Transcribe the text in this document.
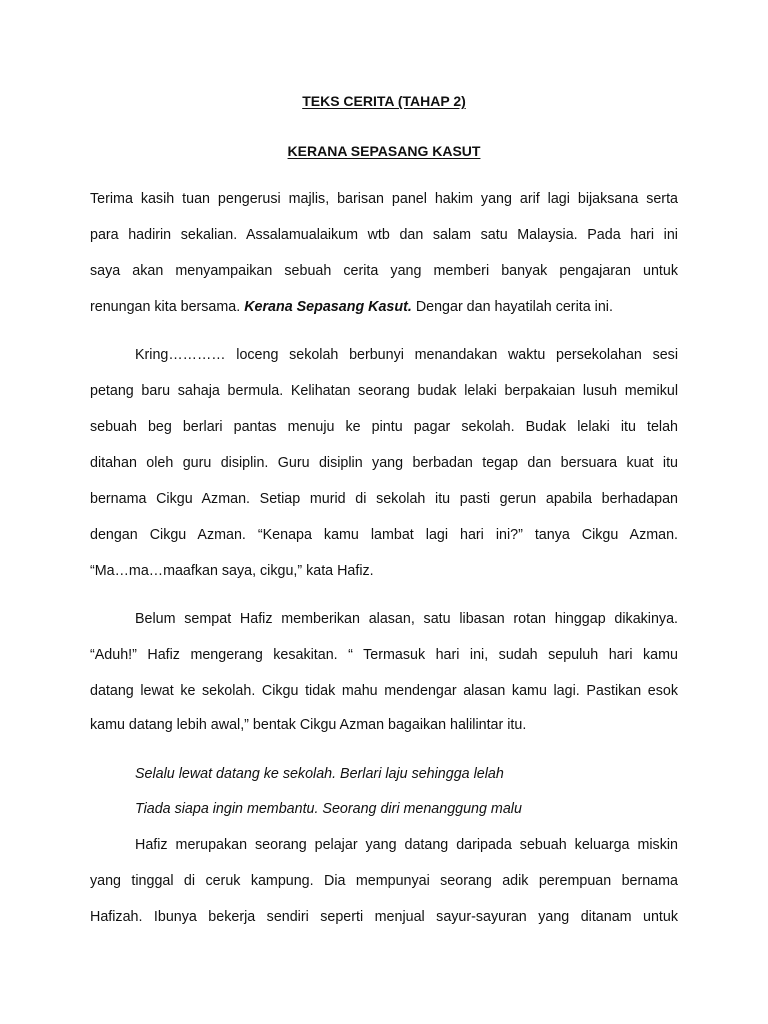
TEKS CERITA (TAHAP 2)
KERANA SEPASANG KASUT
Terima kasih tuan pengerusi majlis, barisan panel hakim yang arif lagi bijaksana serta
para hadirin sekalian. Assalamualaikum wtb dan salam satu Malaysia. Pada hari ini
saya akan menyampaikan sebuah cerita yang memberi banyak pengajaran untuk
renungan kita bersama. Kerana Sepasang Kasut. Dengar dan hayatilah cerita ini.
Kring………… loceng sekolah berbunyi menandakan waktu persekolahan sesi
petang baru sahaja bermula. Kelihatan seorang budak lelaki berpakaian lusuh memikul
sebuah beg berlari pantas menuju ke pintu pagar sekolah. Budak lelaki itu telah
ditahan oleh guru disiplin. Guru disiplin yang berbadan tegap dan bersuara kuat itu
bernama Cikgu Azman. Setiap murid di sekolah itu pasti gerun apabila berhadapan
dengan Cikgu Azman. “Kenapa kamu lambat lagi hari ini?” tanya Cikgu Azman.
“Ma…ma…maafkan saya, cikgu,” kata Hafiz.
Belum sempat Hafiz memberikan alasan, satu libasan rotan hinggap dikakinya.
“Aduh!” Hafiz mengerang kesakitan. “ Termasuk hari ini, sudah sepuluh hari kamu
datang lewat ke sekolah. Cikgu tidak mahu mendengar alasan kamu lagi. Pastikan esok
kamu datang lebih awal,” bentak Cikgu Azman bagaikan halilintar itu.
Selalu lewat datang ke sekolah. Berlari laju sehingga lelah
Tiada siapa ingin membantu. Seorang diri menanggung malu
Hafiz merupakan seorang pelajar yang datang daripada sebuah keluarga miskin
yang tinggal di ceruk kampung. Dia mempunyai seorang adik perempuan bernama
Hafizah. Ibunya bekerja sendiri seperti menjual sayur-sayuran yang ditanam untuk
